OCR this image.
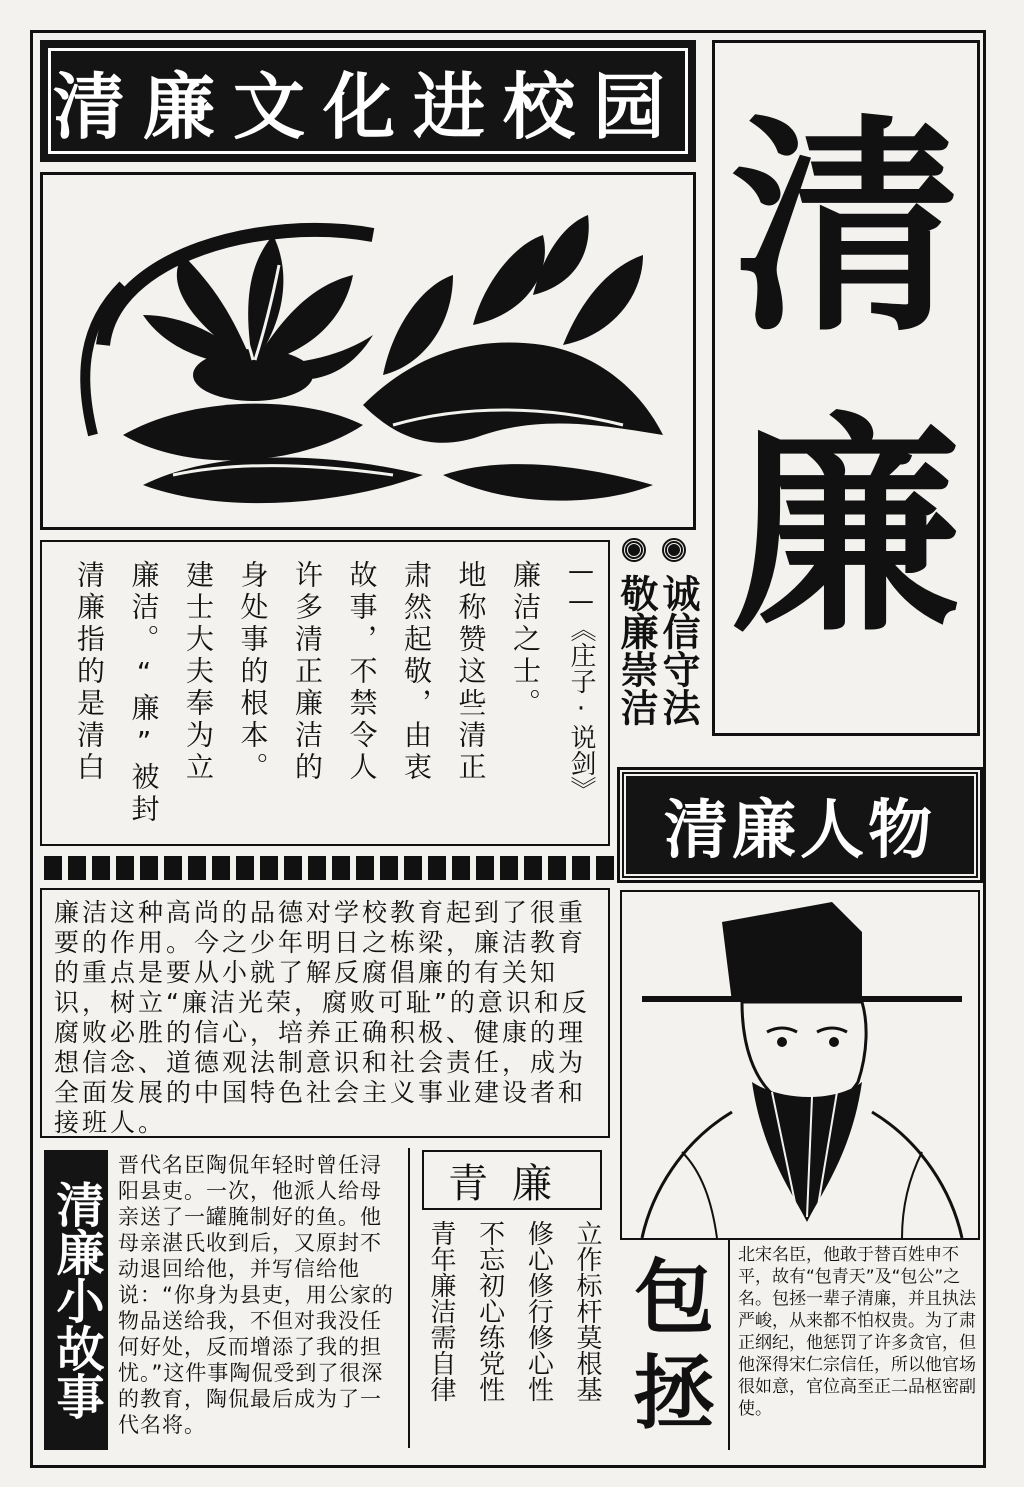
清廉文化进校园 清
廉
——《庄子·说剑》
廉洁之士。
地称赞这些清正
肃然起敬，由衷
故事，不禁令人
许多清正廉洁的
身处事的根本。
建士大夫奉为立
廉洁。“廉”被封
清廉指的是清白	诚信守法
敬廉崇洁
清廉人物

廉洁这种高尚的品德对学校教育起到了很重要的作用。今之少年明日之栋梁，廉洁教育的重点是要从小就了解反腐倡廉的有关知识，树立“廉洁光荣，腐败可耻”的意识和反腐败必胜的信心，培养正确积极、健康的理想信念、道德观法制意识和社会责任，成为全面发展的中国特色社会主义事业建设者和接班人。

清廉小故事

晋代名臣陶侃年轻时曾任浔阳县吏。一次，他派人给母亲送了一罐腌制好的鱼。他母亲湛氏收到后，又原封不动退回给他，并写信给他说：“你身为县吏，用公家的物品送给我，不但对我没任何好处，反而增添了我的担忧。”这件事陶侃受到了很深的教育，陶侃最后成为了一代名将。

青廉
立作标杆莫根基
修心修行修心性
不忘初心练党性
青年廉洁需自律 包
拯

北宋名臣，他敢于替百姓申不平，故有“包青天”及“包公”之名。包拯一辈子清廉，并且执法严峻，从来都不怕权贵。为了肃正纲纪，他惩罚了许多贪官，但他深得宋仁宗信任，所以他官场很如意，官位高至正二品枢密副使。
